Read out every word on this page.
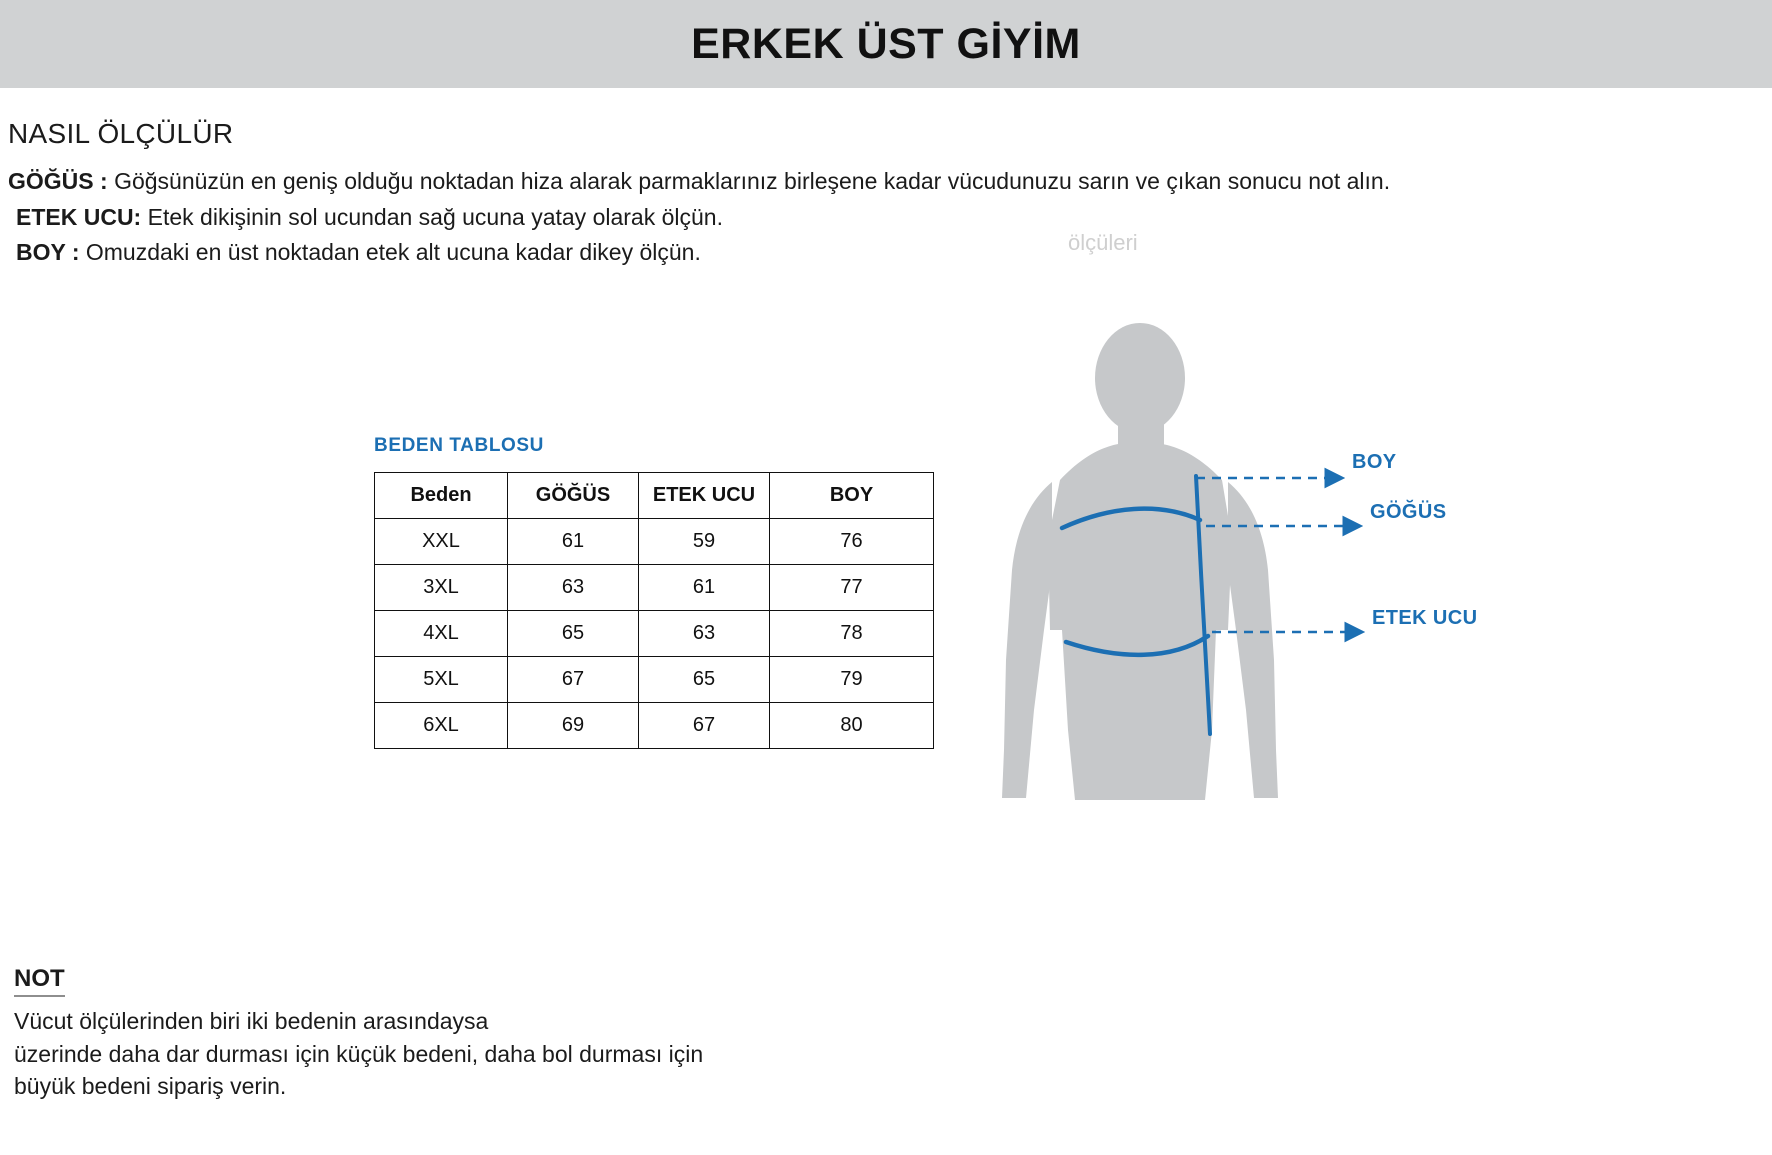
ERKEK ÜST GİYİM
NASIL ÖLÇÜLÜR
GÖĞÜS : Göğsünüzün en geniş olduğu noktadan hiza alarak parmaklarınız birleşene kadar vücudunuzu sarın ve çıkan sonucu not alın.
ETEK UCU: Etek dikişinin sol ucundan sağ ucuna yatay olarak ölçün.
BOY : Omuzdaki en üst noktadan etek alt ucuna kadar dikey ölçün.	ölçüleri
BEDEN TABLOSU
Beden	GÖĞÜS	ETEK UCU	BOY
XXL	61	59	76
3XL	63	61	77
4XL	65	63	78
5XL	67	65	79
6XL	69	67	80
BOY
GÖĞÜS
ETEK UCU
NOT
Vücut ölçülerinden biri iki bedenin arasındaysa
üzerinde daha dar durması için küçük bedeni, daha bol durması için
büyük bedeni sipariş verin.
